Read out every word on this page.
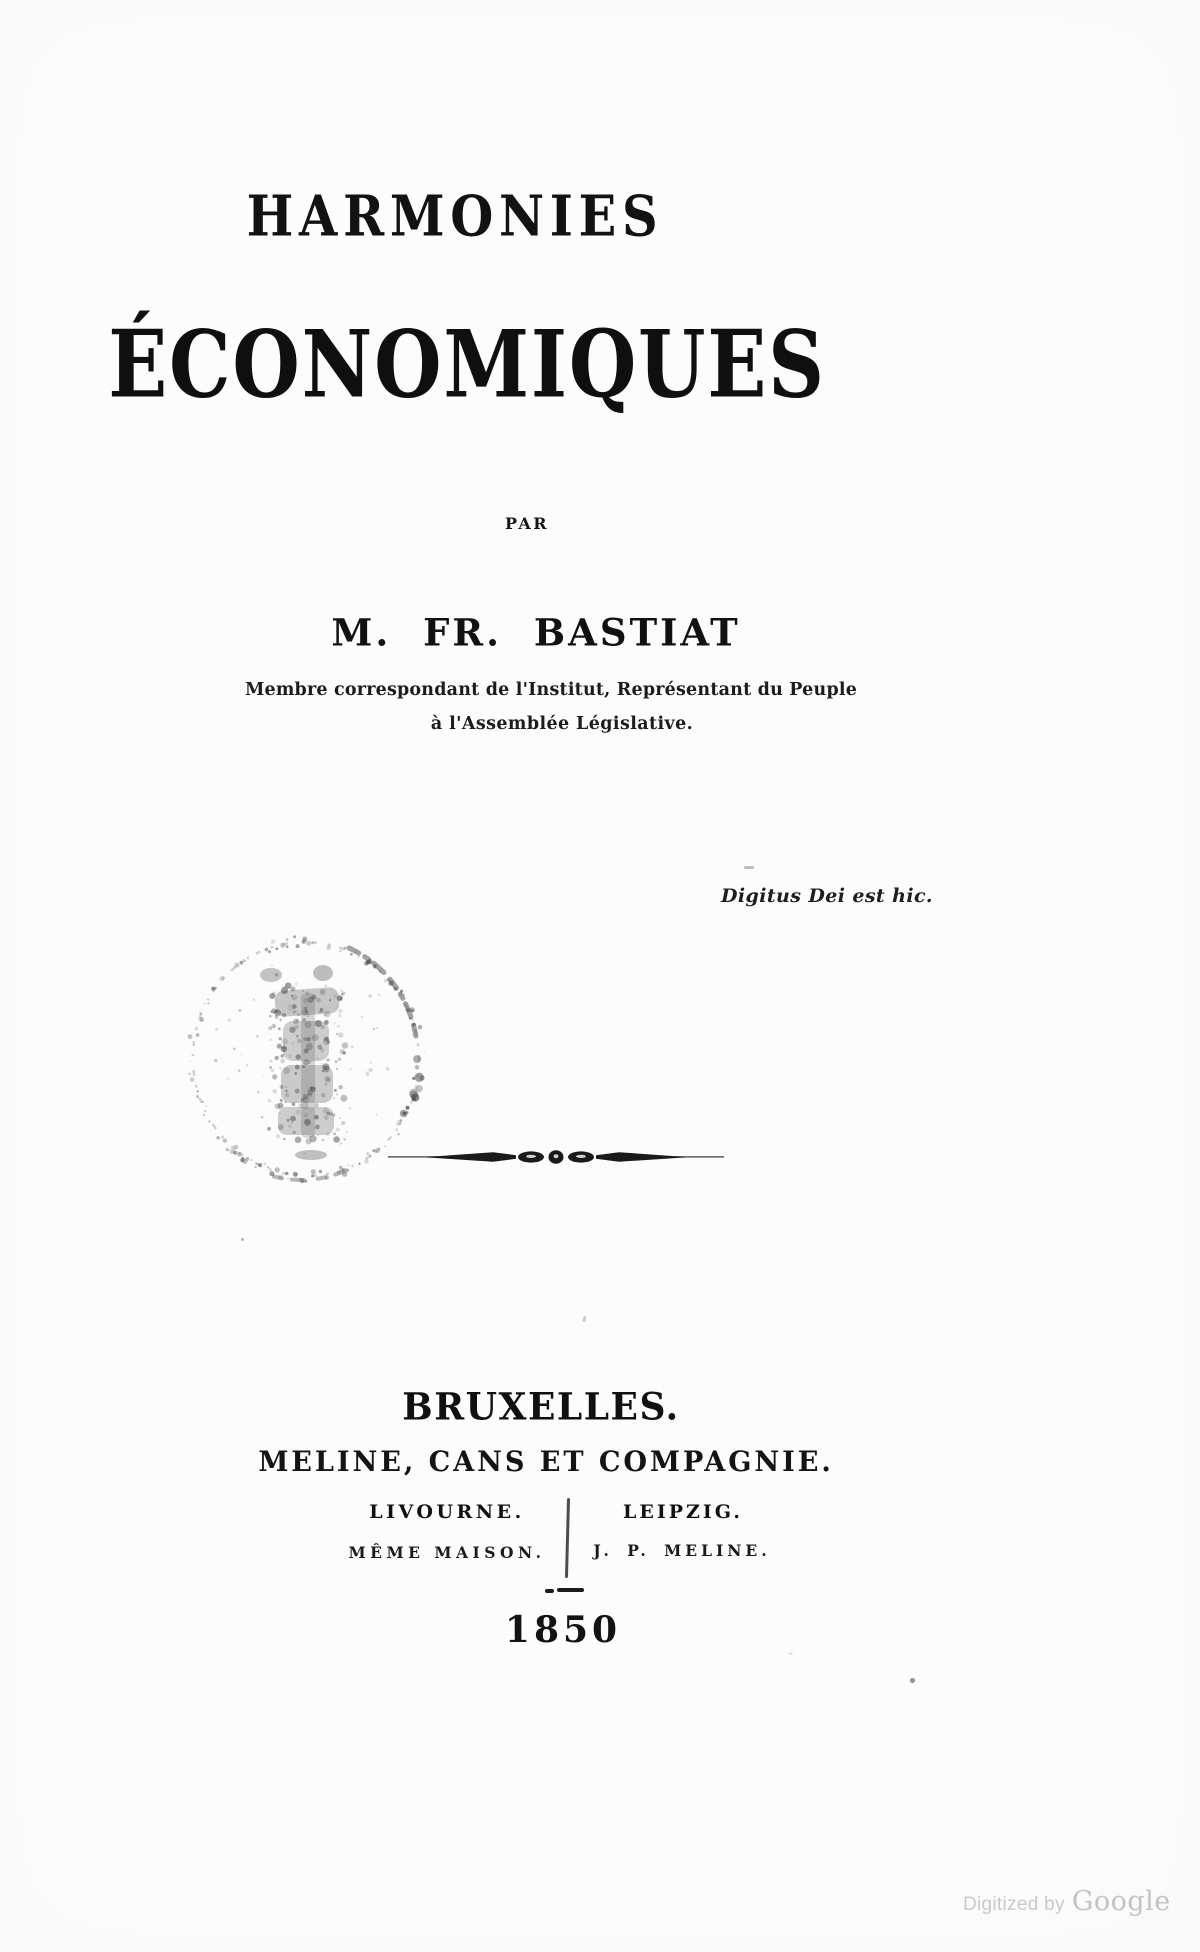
HARMONIES
ÉCONOMIQUES
PAR
M. FR. BASTIAT
Membre correspondant de l'Institut, Représentant du Peuple
à l'Assemblée Législative.
Digitus Dei est hic.
BRUXELLES.
MELINE, CANS ET COMPAGNIE.
LIVOURNE.	LEIPZIG.
MÊME MAISON.	J. P. MELINE.
1850
Digitized by Google
